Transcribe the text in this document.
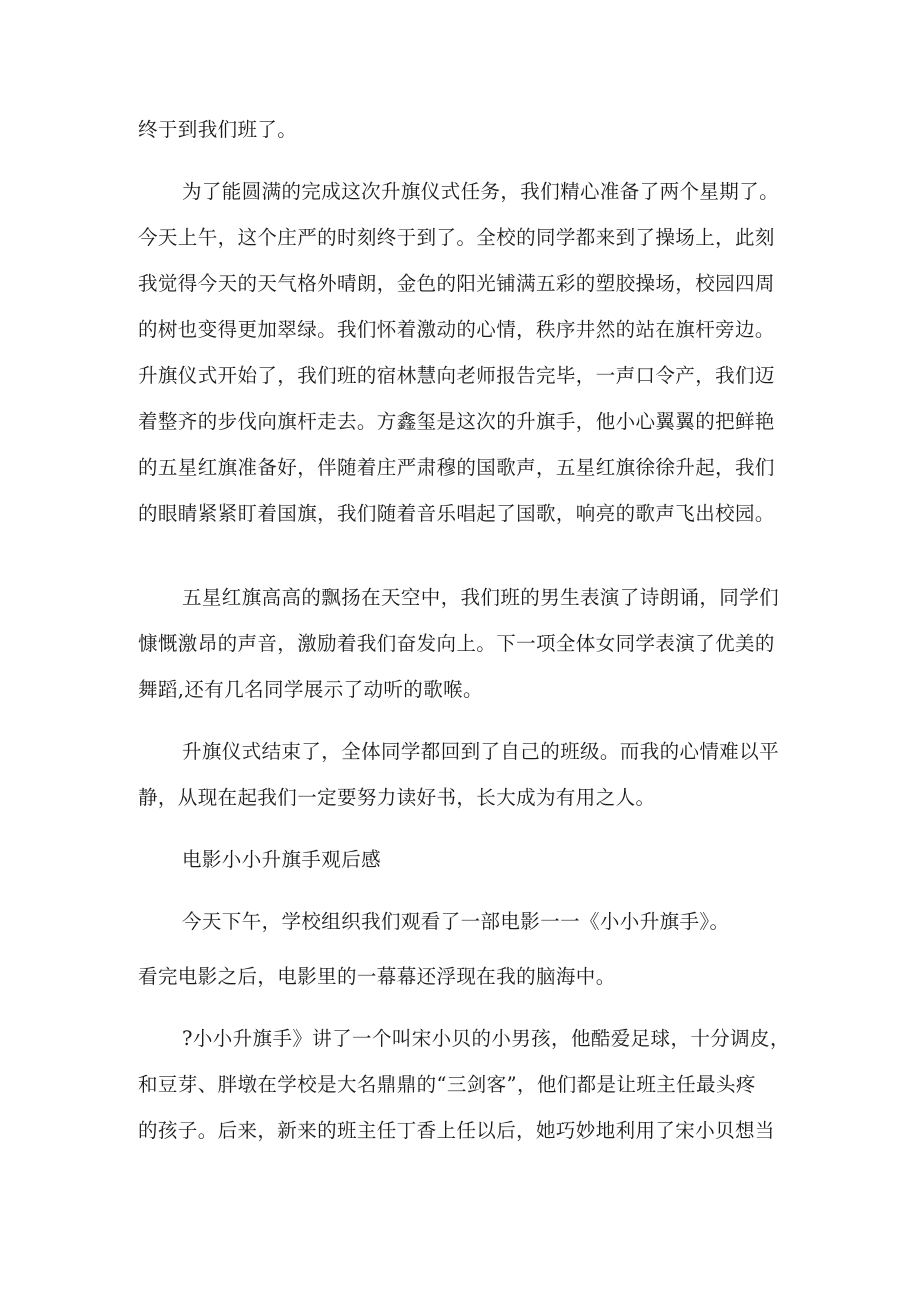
终于到我们班了。
为了能圆满的完成这次升旗仪式任务，我们精心准备了两个星期了。
今天上午，这个庄严的时刻终于到了。全校的同学都来到了操场上，此刻
我觉得今天的天气格外晴朗，金色的阳光铺满五彩的塑胶操场，校园四周
的树也变得更加翠绿。我们怀着激动的心情，秩序井然的站在旗杆旁边。
升旗仪式开始了，我们班的宿林慧向老师报告完毕，一声口令产，我们迈
着整齐的步伐向旗杆走去。方鑫玺是这次的升旗手，他小心翼翼的把鲜艳
的五星红旗准备好，伴随着庄严肃穆的国歌声，五星红旗徐徐升起，我们
的眼睛紧紧盯着国旗，我们随着音乐唱起了国歌，响亮的歌声飞出校园。
五星红旗高高的飘扬在天空中，我们班的男生表演了诗朗诵，同学们
慷慨激昂的声音，激励着我们奋发向上。下一项全体女同学表演了优美的
舞蹈,还有几名同学展示了动听的歌喉。
升旗仪式结束了，全体同学都回到了自己的班级。而我的心情难以平
静，从现在起我们一定要努力读好书，长大成为有用之人。
电影小小升旗手观后感
今天下午，学校组织我们观看了一部电影一一《小小升旗手》。
看完电影之后，电影里的一幕幕还浮现在我的脑海中。
?小小升旗手》讲了一个叫宋小贝的小男孩，他酷爱足球，十分调皮，
和豆芽、胖墩在学校是大名鼎鼎的“三剑客”，他们都是让班主任最头疼
的孩子。后来，新来的班主任丁香上任以后，她巧妙地利用了宋小贝想当
